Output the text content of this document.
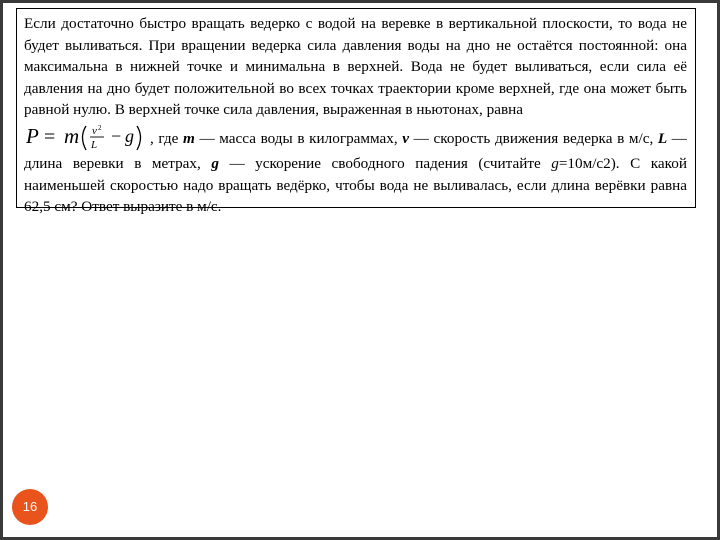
Если достаточно быстро вращать ведерко с водой на веревке в вертикальной плоскости, то вода не будет выливаться. При вращении ведерка сила давления воды на дно не остаётся постоянной: она максимальна в нижней точке и минимальна в верхней. Вода не будет выливаться, если сила её давления на дно будет положительной во всех точках траектории кроме верхней, где она может быть равной нулю. В верхней точке сила давления, выраженная в ньютонах, равна

P = m v 2
L − g , где m — масса воды в килограммах, v — скорость движения ведерка в м/с, L — длина веревки в метрах, g — ускорение свободного падения (считайте g=10м/с2). С какой наименьшей скоростью надо вращать ведёрко, чтобы вода не выливалась, если длина верёвки равна 62,5 см? Ответ выразите в м/с.

16
